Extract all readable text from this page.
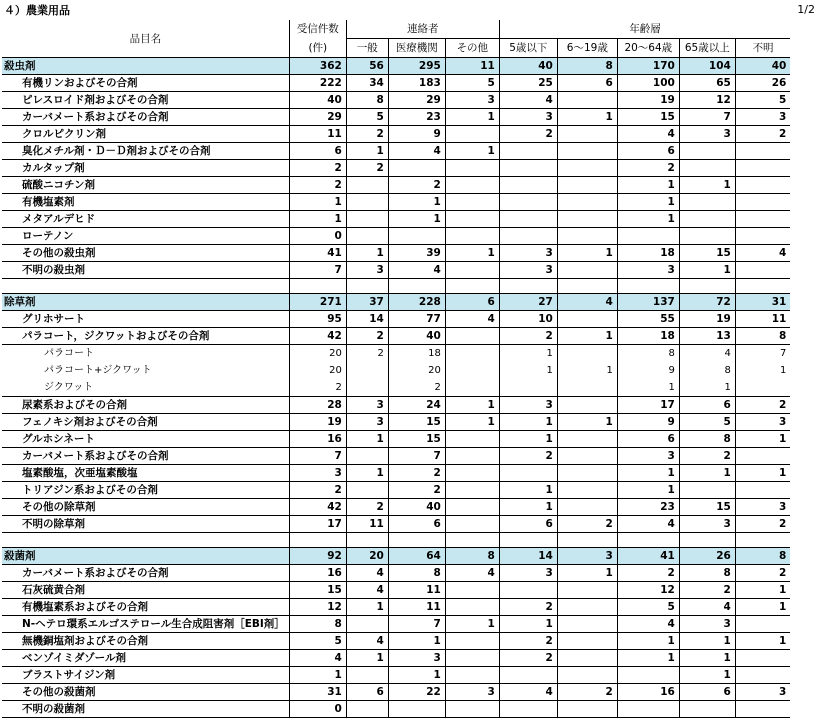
４）農業用品	1/2
品目名	受信件数	連絡者			年齢層				
	(件)	一般	医療機関	その他	5歳以下	6～19歳	20～64歳	65歳以上	不明
殺虫剤	362	56	295	11	40	8	170	104	40
有機リンおよびその合剤	222	34	183	5	25	6	100	65	26
ピレスロイド剤およびその合剤	40	8	29	3	4		19	12	5
カーバメート系およびその合剤	29	5	23	1	3	1	15	7	3
クロルピクリン剤	11	2	9		2		4	3	2
臭化メチル剤・Ｄ－Ｄ剤およびその合剤	6	1	4	1			6		
カルタップ剤	2	2					2		
硫酸ニコチン剤	2		2				1	1	
有機塩素剤	1		1				1		
メタアルデヒド	1		1				1		
ローテノン	0								
その他の殺虫剤	41	1	39	1	3	1	18	15	4
不明の殺虫剤	7	3	4		3		3	1	

除草剤	271	37	228	6	27	4	137	72	31
グリホサート	95	14	77	4	10		55	19	11
パラコート，ジクワットおよびその合剤	42	2	40		2	1	18	13	8
パラコート	20	2	18		1		8	4	7
パラコート+ジクワット	20		20		1	1	9	8	1
ジクワット	2		2				1	1	
尿素系およびその合剤	28	3	24	1	3		17	6	2
フェノキシ剤およびその合剤	19	3	15	1	1	1	9	5	3
グルホシネート	16	1	15		1		6	8	1
カーバメート系およびその合剤	7		7		2		3	2	
塩素酸塩，次亜塩素酸塩	3	1	2				1	1	1
トリアジン系およびその合剤	2		2		1		1		
その他の除草剤	42	2	40		1		23	15	3
不明の除草剤	17	11	6		6	2	4	3	2

殺菌剤	92	20	64	8	14	3	41	26	8
カーバメート系およびその合剤	16	4	8	4	3	1	2	8	2
石灰硫黄合剤	15	4	11				12	2	1
有機塩素系およびその合剤	12	1	11		2		5	4	1
N-ヘテロ環系エルゴステロール生合成阻害剤［EBI剤］	8		7	1	1		4	3	
無機銅塩剤およびその合剤	5	4	1		2		1	1	1
ベンゾイミダゾール剤	4	1	3		2		1	1	
ブラストサイジン剤	1		1					1	
その他の殺菌剤	31	6	22	3	4	2	16	6	3
不明の殺菌剤	0								
